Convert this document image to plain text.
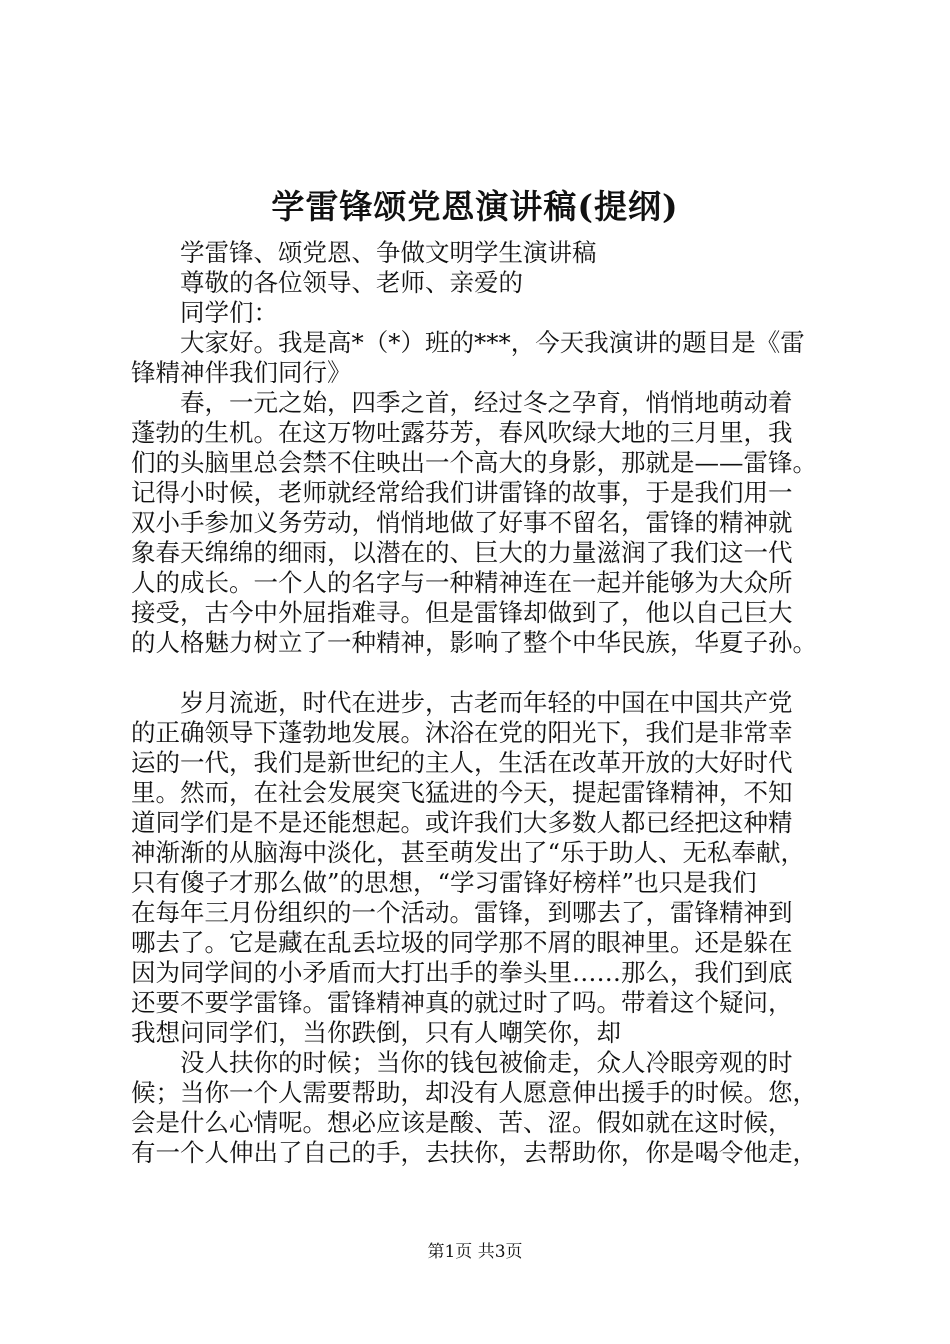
学雷锋颂党恩演讲稿(提纲)
学雷锋、颂党恩、争做文明学生演讲稿
尊敬的各位领导、老师、亲爱的
同学们：
大家好。我是高*（*）班的***，今天我演讲的题目是《雷
锋精神伴我们同行》
春，一元之始，四季之首，经过冬之孕育，悄悄地萌动着
蓬勃的生机。在这万物吐露芬芳，春风吹绿大地的三月里，我
们的头脑里总会禁不住映出一个高大的身影，那就是——雷锋。
记得小时候，老师就经常给我们讲雷锋的故事，于是我们用一
双小手参加义务劳动，悄悄地做了好事不留名，雷锋的精神就
象春天绵绵的细雨，以潜在的、巨大的力量滋润了我们这一代
人的成长。一个人的名字与一种精神连在一起并能够为大众所
接受，古今中外屈指难寻。但是雷锋却做到了，他以自己巨大
的人格魅力树立了一种精神，影响了整个中华民族，华夏子孙。
岁月流逝，时代在进步，古老而年轻的中国在中国共产党
的正确领导下蓬勃地发展。沐浴在党的阳光下，我们是非常幸
运的一代，我们是新世纪的主人，生活在改革开放的大好时代
里。然而，在社会发展突飞猛进的今天，提起雷锋精神，不知
道同学们是不是还能想起。或许我们大多数人都已经把这种精
神渐渐的从脑海中淡化，甚至萌发出了“乐于助人、无私奉献，
只有傻子才那么做”的思想，“学习雷锋好榜样”也只是我们
在每年三月份组织的一个活动。雷锋，到哪去了，雷锋精神到
哪去了。它是藏在乱丢垃圾的同学那不屑的眼神里。还是躲在
因为同学间的小矛盾而大打出手的拳头里……那么，我们到底
还要不要学雷锋。雷锋精神真的就过时了吗。带着这个疑问，
我想问同学们，当你跌倒，只有人嘲笑你，却
没人扶你的时候；当你的钱包被偷走，众人冷眼旁观的时
候；当你一个人需要帮助，却没有人愿意伸出援手的时候。您，
会是什么心情呢。想必应该是酸、苦、涩。假如就在这时候，
有一个人伸出了自己的手，去扶你，去帮助你，你是喝令他走，
第1页 共3页
